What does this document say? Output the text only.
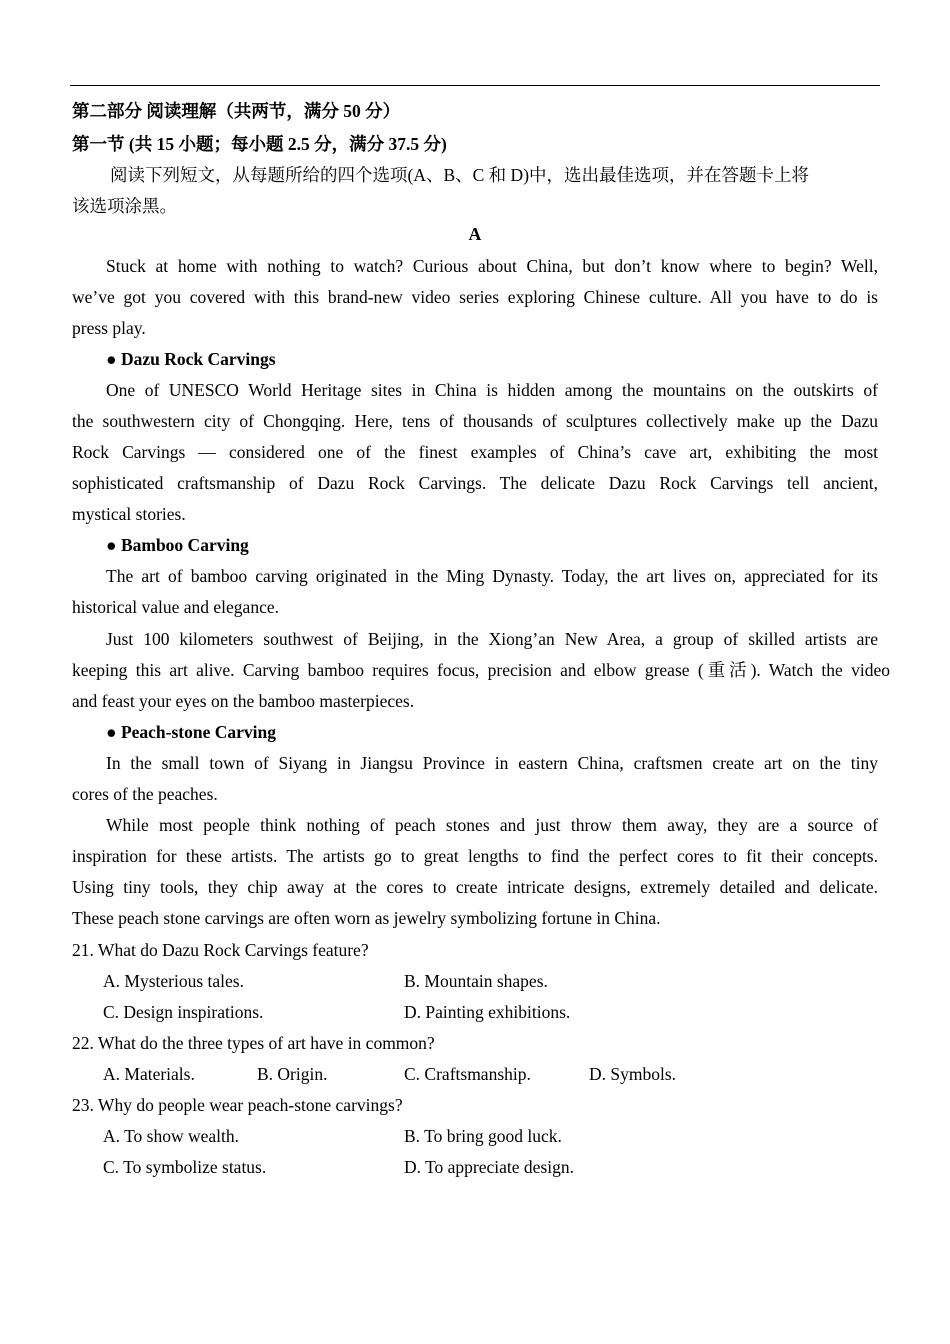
第二部分 阅读理解（共两节，满分 50 分）
第一节 (共 15 小题；每小题 2.5 分，满分 37.5 分)
阅读下列短文，从每题所给的四个选项(A、B、C 和 D)中，选出最佳选项，并在答题卡上将
该选项涂黑。
A
Stuck at home with nothing to watch? Curious about China, but don’t know where to begin? Well,
we’ve got you covered with this brand-new video series exploring Chinese culture. All you have to do is
press play.
● Dazu Rock Carvings
One of UNESCO World Heritage sites in China is hidden among the mountains on the outskirts of
the southwestern city of Chongqing. Here, tens of thousands of sculptures collectively make up the Dazu
Rock Carvings — considered one of the finest examples of China’s cave art, exhibiting the most
sophisticated craftsmanship of Dazu Rock Carvings. The delicate Dazu Rock Carvings tell ancient,
mystical stories.
● Bamboo Carving
The art of bamboo carving originated in the Ming Dynasty. Today, the art lives on, appreciated for its
historical value and elegance.
Just 100 kilometers southwest of Beijing, in the Xiong’an New Area, a group of skilled artists are
keeping this art alive. Carving bamboo requires focus, precision and elbow grease (重活). Watch the video
and feast your eyes on the bamboo masterpieces.
● Peach-stone Carving
In the small town of Siyang in Jiangsu Province in eastern China, craftsmen create art on the tiny
cores of the peaches.
While most people think nothing of peach stones and just throw them away, they are a source of
inspiration for these artists. The artists go to great lengths to find the perfect cores to fit their concepts.
Using tiny tools, they chip away at the cores to create intricate designs, extremely detailed and delicate.
These peach stone carvings are often worn as jewelry symbolizing fortune in China.
21. What do Dazu Rock Carvings feature?
A. Mysterious tales.	B. Mountain shapes.
C. Design inspirations.	D. Painting exhibitions.
22. What do the three types of art have in common?
A. Materials.	B. Origin.	C. Craftsmanship.	D. Symbols.
23. Why do people wear peach-stone carvings?
A. To show wealth.	B. To bring good luck.
C. To symbolize status.	D. To appreciate design.
